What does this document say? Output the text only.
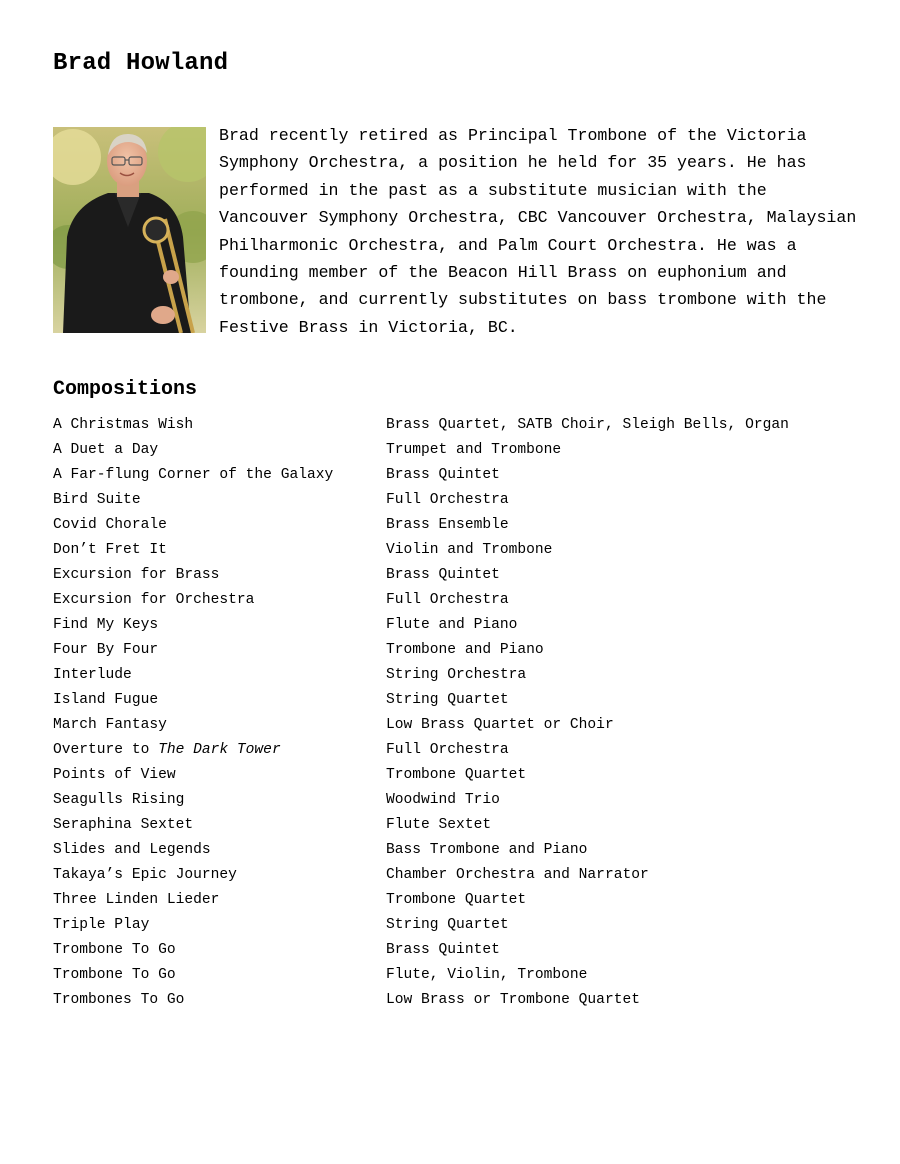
Brad Howland

Brad recently retired as Principal Trombone of the Victoria Symphony Orchestra, a position he held for 35 years. He has performed in the past as a substitute musician with the Vancouver Symphony Orchestra, CBC Vancouver Orchestra, Malaysian Philharmonic Orchestra, and Palm Court Orchestra. He was a founding member of the Beacon Hill Brass on euphonium and trombone, and currently substitutes on bass trombone with the Festive Brass in Victoria, BC.

Compositions
A Christmas Wish	Brass Quartet, SATB Choir, Sleigh Bells, Organ
A Duet a Day	Trumpet and Trombone
A Far-flung Corner of the Galaxy	Brass Quintet
Bird Suite	Full Orchestra
Covid Chorale	Brass Ensemble
Don’t Fret It	Violin and Trombone
Excursion for Brass	Brass Quintet
Excursion for Orchestra	Full Orchestra
Find My Keys	Flute and Piano
Four By Four	Trombone and Piano
Interlude	String Orchestra
Island Fugue	String Quartet
March Fantasy	Low Brass Quartet or Choir
Overture to The Dark Tower	Full Orchestra
Points of View	Trombone Quartet
Seagulls Rising	Woodwind Trio
Seraphina Sextet	Flute Sextet
Slides and Legends	Bass Trombone and Piano
Takaya’s Epic Journey	Chamber Orchestra and Narrator
Three Linden Lieder	Trombone Quartet
Triple Play	String Quartet
Trombone To Go	Brass Quintet
Trombone To Go	Flute, Violin, Trombone
Trombones To Go	Low Brass or Trombone Quartet
